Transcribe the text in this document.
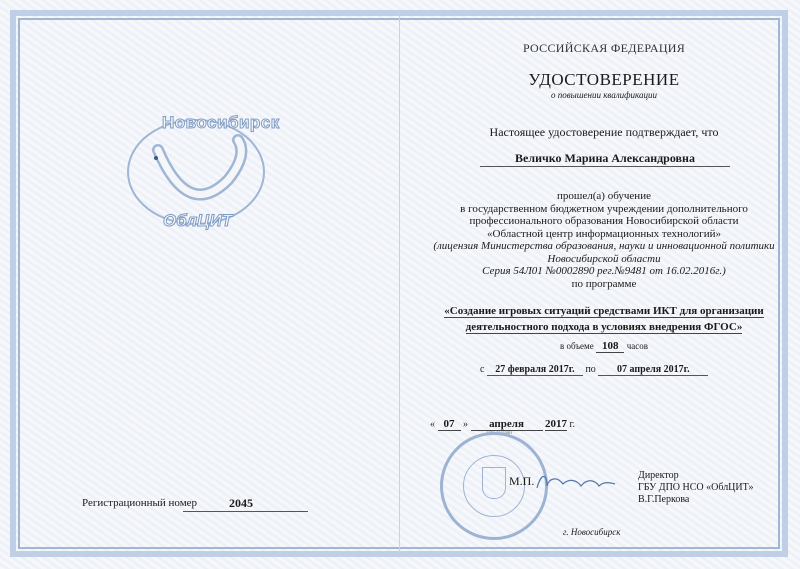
Новосибирск
ОблЦИТ
Регистрационный номер	2045
РОССИЙСКАЯ ФЕДЕРАЦИЯ
УДОСТОВЕРЕНИЕ
о повышении квалификации
Настоящее удостоверение подтверждает, что
Величко Марина Александровна
прошел(а) обучение
в государственном бюджетном учреждении дополнительного
профессионального образования Новосибирской области
«Областной центр информационных технологий»
(лицензия Министерства образования, науки и инновационной политики
Новосибирской области
Серия 54Л01 №0002890 рег.№9481 от 16.02.2016г.)
по программе
«Создание игровых ситуаций средствами ИКТ для организации
деятельностного подхода в условиях внедрения ФГОС»
в объеме 108 часов
с 27 февраля 2017г. по 07 апреля 2017г.
« 07 » апреля 2017 г.
дата выдачи
М.П.	Директор
ГБУ ДПО НСО «ОблЦИТ»
В.Г.Перкова
г. Новосибирск
